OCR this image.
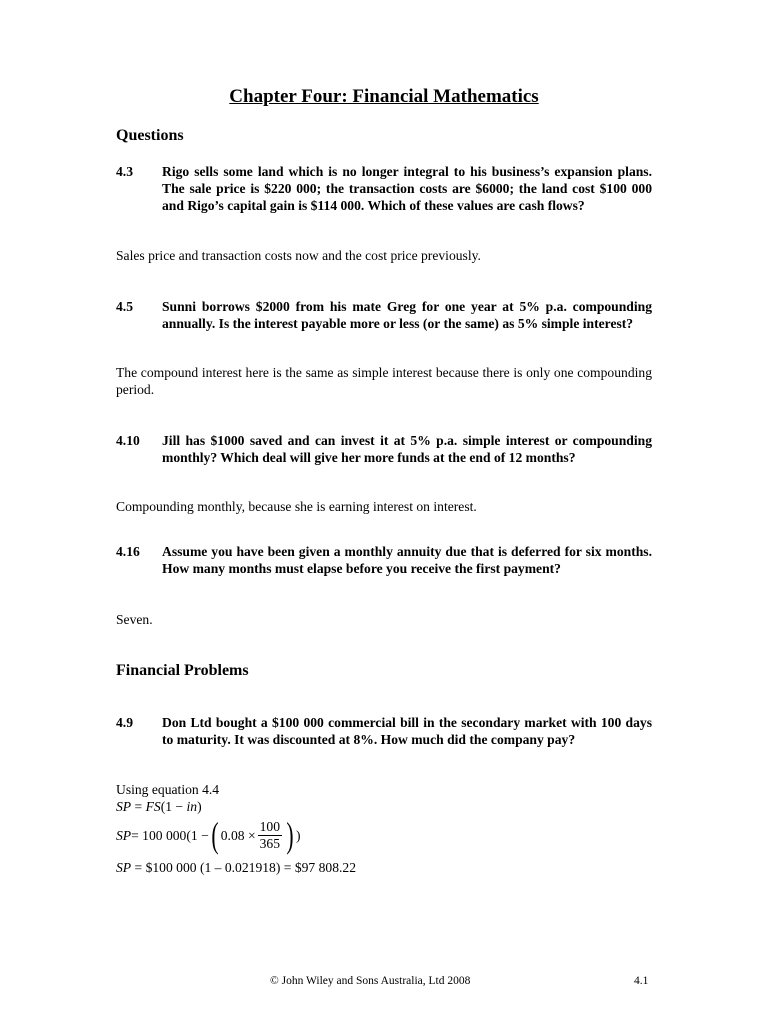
Chapter Four: Financial Mathematics
Questions
4.3 Rigo sells some land which is no longer integral to his business’s expansion plans. The sale price is $220 000; the transaction costs are $6000; the land cost $100 000 and Rigo’s capital gain is $114 000. Which of these values are cash flows?
Sales price and transaction costs now and the cost price previously.
4.5 Sunni borrows $2000 from his mate Greg for one year at 5% p.a. compounding annually. Is the interest payable more or less (or the same) as 5% simple interest?
The compound interest here is the same as simple interest because there is only one compounding period.
4.10 Jill has $1000 saved and can invest it at 5% p.a. simple interest or compounding monthly? Which deal will give her more funds at the end of 12 months?
Compounding monthly, because she is earning interest on interest.
4.16 Assume you have been given a monthly annuity due that is deferred for six months. How many months must elapse before you receive the first payment?
Seven.
Financial Problems
4.9 Don Ltd bought a $100 000 commercial bill in the secondary market with 100 days to maturity. It was discounted at 8%. How much did the company pay?
Using equation 4.4
SP = FS(1 − in)
SP = 100 000(1 − ( $0.08 \times \frac{100}{365}$ ) )
SP = $100 000 (1 – 0.021918) = $97 808.22
© John Wiley and Sons Australia, Ltd 2008	4.1
